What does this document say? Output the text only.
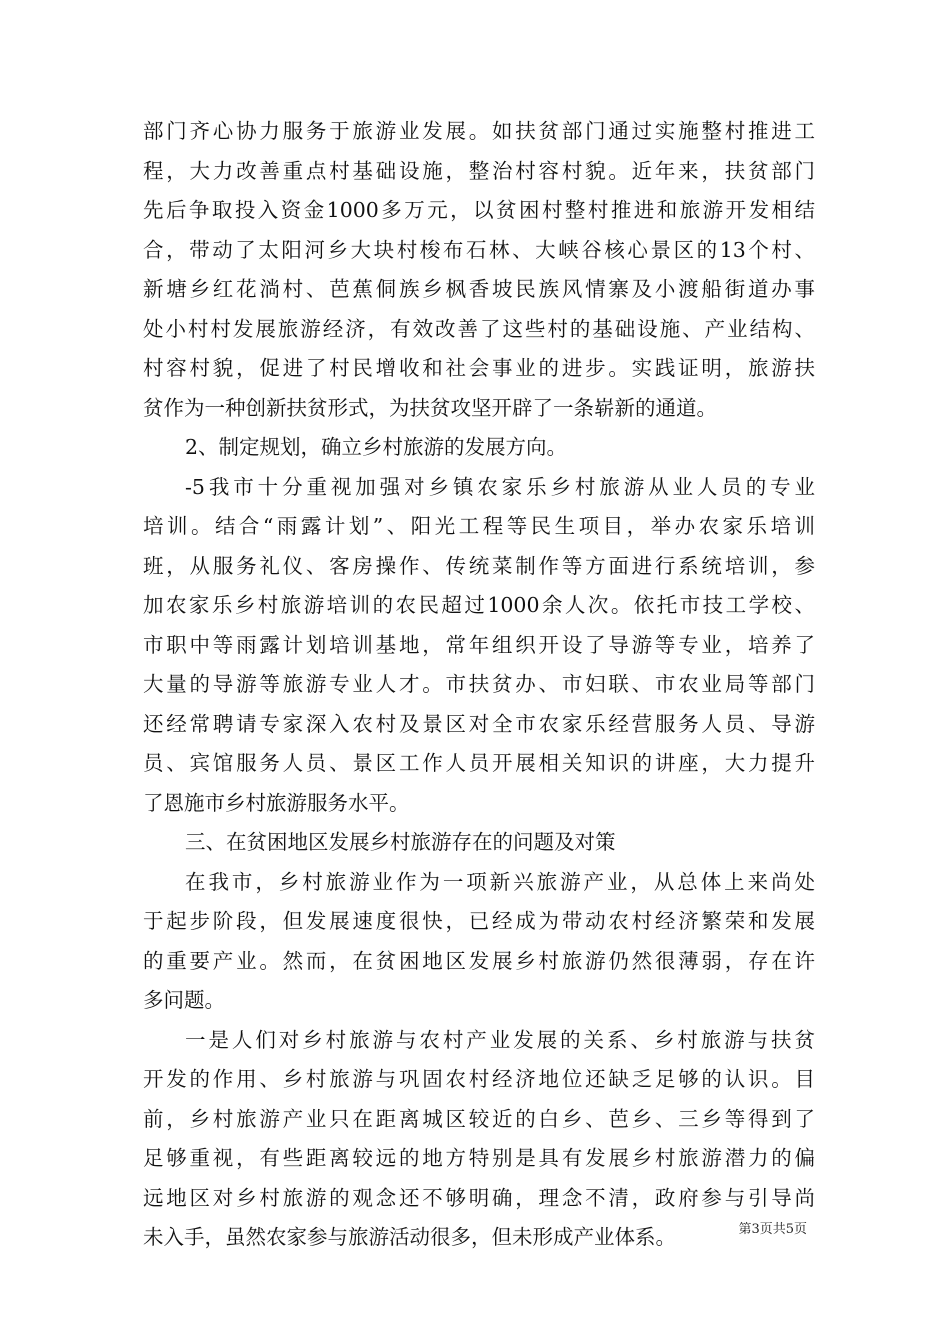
部门齐心协力服务于旅游业发展。如扶贫部门通过实施整村推进工
程，大力改善重点村基础设施，整治村容村貌。近年来，扶贫部门
先后争取投入资金1000多万元，以贫困村整村推进和旅游开发相结
合，带动了太阳河乡大块村梭布石林、大峡谷核心景区的13个村、
新塘乡红花淌村、芭蕉侗族乡枫香坡民族风情寨及小渡船街道办事
处小村村发展旅游经济，有效改善了这些村的基础设施、产业结构、
村容村貌，促进了村民增收和社会事业的进步。实践证明，旅游扶
贫作为一种创新扶贫形式，为扶贫攻坚开辟了一条崭新的通道。
2、制定规划，确立乡村旅游的发展方向。
-5我市十分重视加强对乡镇农家乐乡村旅游从业人员的专业
培训。结合“雨露计划”、阳光工程等民生项目，举办农家乐培训
班，从服务礼仪、客房操作、传统菜制作等方面进行系统培训，参
加农家乐乡村旅游培训的农民超过1000余人次。依托市技工学校、
市职中等雨露计划培训基地，常年组织开设了导游等专业，培养了
大量的导游等旅游专业人才。市扶贫办、市妇联、市农业局等部门
还经常聘请专家深入农村及景区对全市农家乐经营服务人员、导游
员、宾馆服务人员、景区工作人员开展相关知识的讲座，大力提升
了恩施市乡村旅游服务水平。
三、在贫困地区发展乡村旅游存在的问题及对策
在我市，乡村旅游业作为一项新兴旅游产业，从总体上来尚处
于起步阶段，但发展速度很快，已经成为带动农村经济繁荣和发展
的重要产业。然而，在贫困地区发展乡村旅游仍然很薄弱，存在许
多问题。
一是人们对乡村旅游与农村产业发展的关系、乡村旅游与扶贫
开发的作用、乡村旅游与巩固农村经济地位还缺乏足够的认识。目
前，乡村旅游产业只在距离城区较近的白乡、芭乡、三乡等得到了
足够重视，有些距离较远的地方特别是具有发展乡村旅游潜力的偏
远地区对乡村旅游的观念还不够明确，理念不清，政府参与引导尚
未入手，虽然农家参与旅游活动很多，但未形成产业体系。	第3页共5页
